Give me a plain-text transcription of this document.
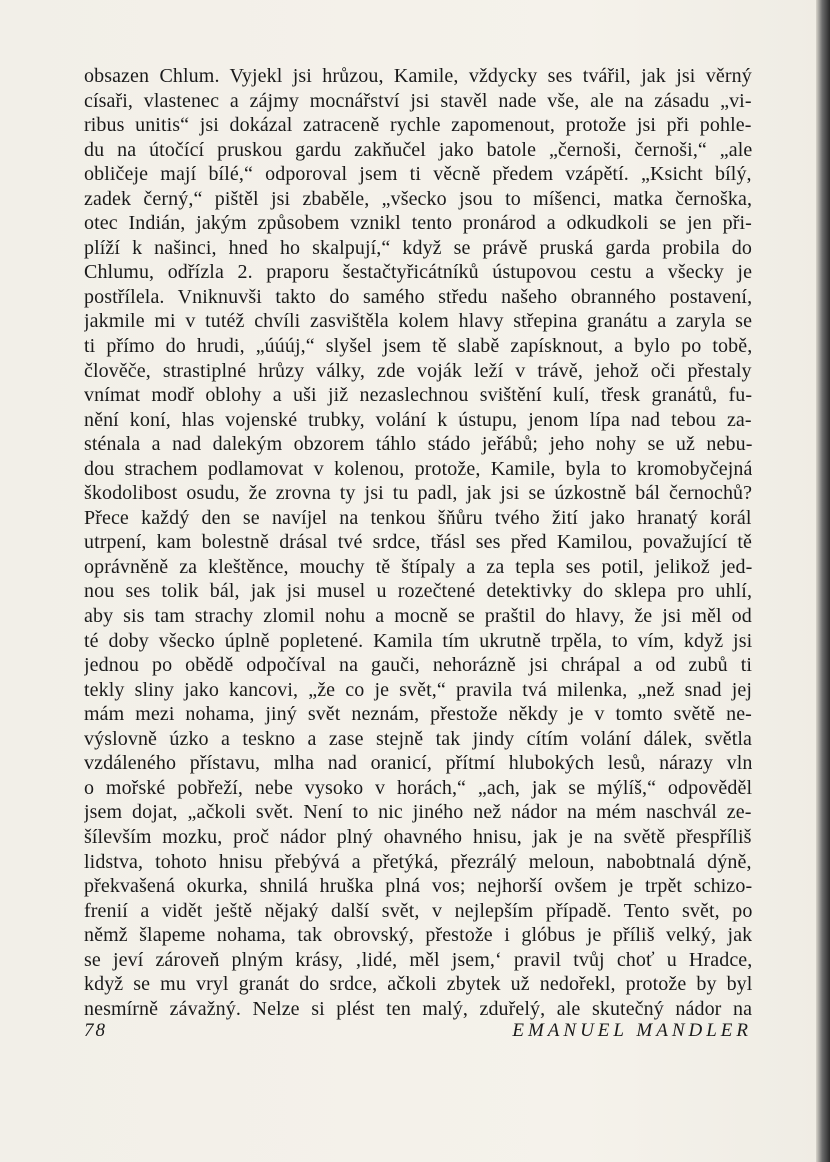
obsazen Chlum. Vyjekl jsi hrůzou, Kamile, vždycky ses tvářil, jak jsi věrný
císaři, vlastenec a zájmy mocnářství jsi stavěl nade vše, ale na zásadu „vi-
ribus unitis“ jsi dokázal zatraceně rychle zapomenout, protože jsi při pohle-
du na útočící pruskou gardu zakňučel jako batole „černoši, černoši,“ „ale
obličeje mají bílé,“ odporoval jsem ti věcně předem vzápětí. „Ksicht bílý,
zadek černý,“ pištěl jsi zbaběle, „všecko jsou to míšenci, matka černoška,
otec Indián, jakým způsobem vznikl tento pronárod a odkudkoli se jen při-
plíží k našinci, hned ho skalpují,“ když se právě pruská garda probila do
Chlumu, odřízla 2. praporu šestačtyřicátníků ústupovou cestu a všecky je
postřílela. Vniknuvši takto do samého středu našeho obranného postavení,
jakmile mi v tutéž chvíli zasvištěla kolem hlavy střepina granátu a zaryla se
ti přímo do hrudi, „úúúj,“ slyšel jsem tě slabě zapísknout, a bylo po tobě,
člověče, strastiplné hrůzy války, zde voják leží v trávě, jehož oči přestaly
vnímat modř oblohy a uši již nezaslechnou svištění kulí, třesk granátů, fu-
nění koní, hlas vojenské trubky, volání k ústupu, jenom lípa nad tebou za-
sténala a nad dalekým obzorem táhlo stádo jeřábů; jeho nohy se už nebu-
dou strachem podlamovat v kolenou, protože, Kamile, byla to kromobyčejná
škodolibost osudu, že zrovna ty jsi tu padl, jak jsi se úzkostně bál černochů?
Přece každý den se navíjel na tenkou šňůru tvého žití jako hranatý korál
utrpení, kam bolestně drásal tvé srdce, třásl ses před Kamilou, považující tě
oprávněně za kleštěnce, mouchy tě štípaly a za tepla ses potil, jelikož jed-
nou ses tolik bál, jak jsi musel u rozečtené detektivky do sklepa pro uhlí,
aby sis tam strachy zlomil nohu a mocně se praštil do hlavy, že jsi měl od
té doby všecko úplně popletené. Kamila tím ukrutně trpěla, to vím, když jsi
jednou po obědě odpočíval na gauči, nehorázně jsi chrápal a od zubů ti
tekly sliny jako kancovi, „že co je svět,“ pravila tvá milenka, „než snad jej
mám mezi nohama, jiný svět neznám, přestože někdy je v tomto světě ne-
výslovně úzko a teskno a zase stejně tak jindy cítím volání dálek, světla
vzdáleného přístavu, mlha nad oranicí, přítmí hlubokých lesů, nárazy vln
o mořské pobřeží, nebe vysoko v horách,“ „ach, jak se mýlíš,“ odpověděl
jsem dojat, „ačkoli svět. Není to nic jiného než nádor na mém naschvál ze-
šílevším mozku, proč nádor plný ohavného hnisu, jak je na světě přespříliš
lidstva, tohoto hnisu přebývá a přetýká, přezrálý meloun, nabobtnalá dýně,
překvašená okurka, shnilá hruška plná vos; nejhorší ovšem je trpět schizo-
frenií a vidět ještě nějaký další svět, v nejlepším případě. Tento svět, po
němž šlapeme nohama, tak obrovský, přestože i glóbus je příliš velký, jak
se jeví zároveň plným krásy, ‚lidé, měl jsem,‘ pravil tvůj choť u Hradce,
když se mu vryl granát do srdce, ačkoli zbytek už nedořekl, protože by byl
nesmírně závažný. Nelze si plést ten malý, zduřelý, ale skutečný nádor na
78	EMANUEL MANDLER
